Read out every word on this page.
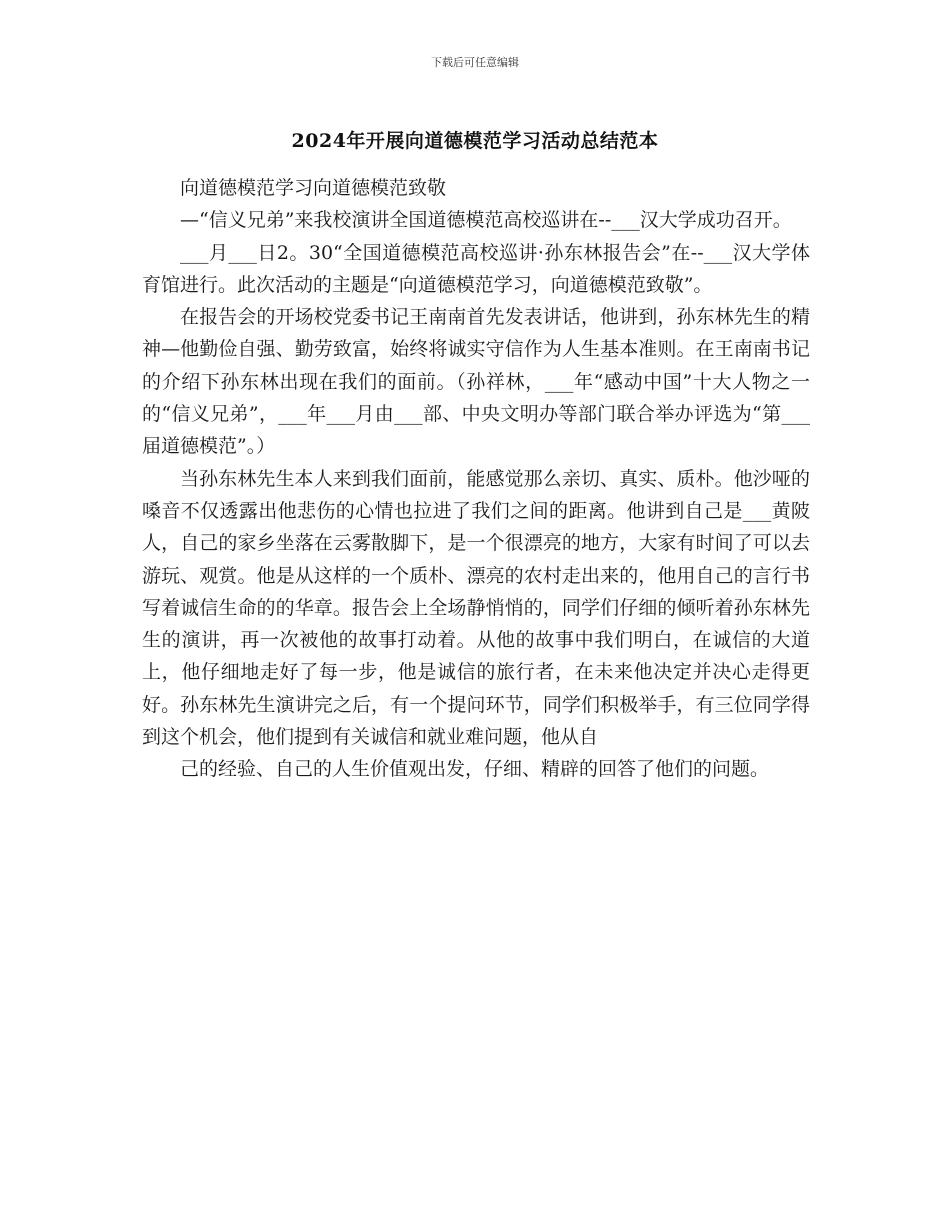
下载后可任意编辑
2024年开展向道德模范学习活动总结范本

向道德模范学习向道德模范致敬

—“信义兄弟”来我校演讲全国道德模范高校巡讲在--___汉大学成功召开。

___月___日2。30“全国道德模范高校巡讲·孙东林报告会”在--___汉大学体育馆进行。此次活动的主题是“向道德模范学习，向道德模范致敬”。

在报告会的开场校党委书记王南南首先发表讲话，他讲到，孙东林先生的精神—他勤俭自强、勤劳致富，始终将诚实守信作为人生基本准则。在王南南书记的介绍下孙东林出现在我们的面前。（孙祥林，___年“感动中国”十大人物之一的“信义兄弟”，___年___月由___部、中央文明办等部门联合举办评选为“第___届道德模范”。）

当孙东林先生本人来到我们面前，能感觉那么亲切、真实、质朴。他沙哑的嗓音不仅透露出他悲伤的心情也拉进了我们之间的距离。他讲到自己是___黄陂人，自己的家乡坐落在云雾散脚下，是一个很漂亮的地方，大家有时间了可以去游玩、观赏。他是从这样的一个质朴、漂亮的农村走出来的，他用自己的言行书写着诚信生命的的华章。报告会上全场静悄悄的，同学们仔细的倾听着孙东林先生的演讲，再一次被他的故事打动着。从他的故事中我们明白，在诚信的大道上，他仔细地走好了每一步，他是诚信的旅行者，在未来他决定并决心走得更好。孙东林先生演讲完之后，有一个提问环节，同学们积极举手，有三位同学得到这个机会，他们提到有关诚信和就业难问题，他从自

己的经验、自己的人生价值观出发，仔细、精辟的回答了他们的问题。
